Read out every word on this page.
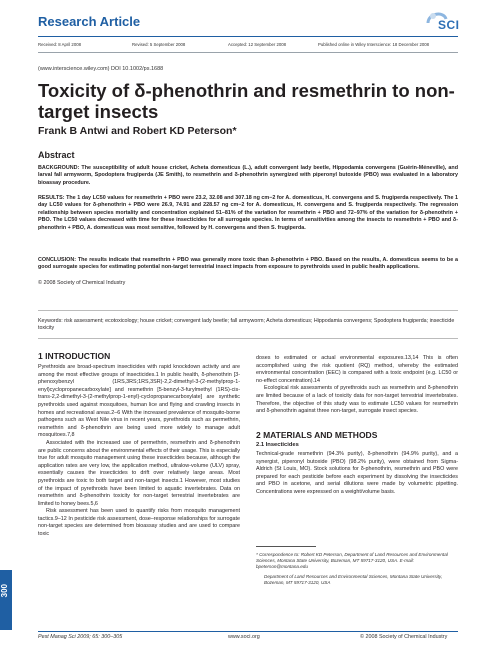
Research Article	SCI
Received: 8 April 2008	Revised: 5 September 2008	Accepted: 12 September 2008	Published online in Wiley Interscience: 18 December 2008
(www.interscience.wiley.com) DOI 10.1002/ps.1688
Toxicity of δ-phenothrin and resmethrin to non-target insects
Frank B Antwi and Robert KD Peterson*
Abstract
BACKGROUND: The susceptibility of adult house cricket, Acheta domesticus (L.), adult convergent lady beetle, Hippodamia convergens (Guérin-Méneville), and larval fall armyworm, Spodoptera frugiperda (JE Smith), to resmethrin and δ-phenothrin synergized with piperonyl butoxide (PBO) was evaluated in a laboratory bioassay procedure.
RESULTS: The 1 day LC50 values for resmethrin + PBO were 23.2, 32.08 and 307.18 ng cm−2 for A. domesticus, H. convergens and S. frugiperda respectively. The 1 day LC50 values for δ-phenothrin + PBO were 26.9, 74.91 and 228.57 ng cm−2 for A. domesticus, H. convergens and S. frugiperda respectively. The regression relationship between species mortality and concentration explained 51–81% of the variation for resmethrin + PBO and 72–97% of the variation for δ-phenothrin + PBO. The LC50 values decreased with time for these insecticides for all surrogate species. In terms of sensitivities among the insects to resmethrin + PBO and δ-phenothrin + PBO, A. domesticus was most sensitive, followed by H. convergens and then S. frugiperda.
CONCLUSION: The results indicate that resmethrin + PBO was generally more toxic than δ-phenothrin + PBO. Based on the results, A. domesticus seems to be a good surrogate species for estimating potential non-target terrestrial insect impacts from exposure to pyrethroids used in public health applications.
© 2008 Society of Chemical Industry
Keywords: risk assessment; ecotoxicology; house cricket; convergent lady beetle; fall armyworm; Acheta domesticus; Hippodamia convergens; Spodoptera frugiperda; insecticide toxicity
1 INTRODUCTION

Pyrethroids are broad-spectrum insecticides with rapid knockdown activity and are among the most effective groups of insecticides.1 In public health, δ-phenothrin [3-phenoxybenzyl (1RS,3RS;1RS,3SR)-2,2-dimethyl-3-(2-methylprop-1-enyl)cyclopropanecarboxylate] and resmethrin [5-benzyl-3-furylmethyl (1RS)-cis-trans-2,2-dimethyl-3-(2-methylprop-1-enyl)-cyclopropanecarboxylate] are synthetic pyrethroids used against mosquitoes, human lice and flying and crawling insects in homes and recreational areas.2–6 With the increased prevalence of mosquito-borne pathogens such as West Nile virus in recent years, pyrethroids such as permethrin, resmethrin and δ-phenothrin are being used more widely to manage adult mosquitoes.7,8

Associated with the increased use of permethrin, resmethrin and δ-phenothrin are public concerns about the environmental effects of their usage. This is especially true for adult mosquito management using these insecticides because, although the application rates are very low, the application method, ultralow-volume (ULV) spray, essentially causes the insecticides to drift over relatively large areas. Most pyrethroids are toxic to both target and non-target insects.1 However, most studies of the impact of pyrethroids have been limited to aquatic invertebrates. Data on resmethrin and δ-phenothrin toxicity for non-target terrestrial invertebrates are limited to honey bees.5,6

Risk assessment has been used to quantify risks from mosquito management tactics.9–12 In pesticide risk assessment, dose–response relationships for surrogate non-target species are determined from bioassay studies and are used to compare toxic

doses to estimated or actual environmental exposures.13,14 This is often accomplished using the risk quotient (RQ) method, whereby the estimated environmental concentration (EEC) is compared with a toxic endpoint (e.g. LC50 or no-effect concentration).14

Ecological risk assessments of pyrethroids such as resmethrin and δ-phenothrin are limited because of a lack of toxicity data for non-target terrestrial invertebrates. Therefore, the objective of this study was to estimate LC50 values for resmethrin and δ-phenothrin against three non-target, surrogate insect species.

2 MATERIALS AND METHODS
2.1 Insecticides

Technical-grade resmethrin (94.3% purity), δ-phenothrin (94.9% purity), and a synergist, piperonyl butoxide (PBO) (98.2% purity), were obtained from Sigma-Aldrich (St Louis, MO). Stock solutions for δ-phenothrin, resmethrin and PBO were prepared for each pesticide before each experiment by dissolving the insecticides and PBO in acetone, and serial dilutions were made by volumetric pipetting. Concentrations were expressed on a weight/volume basis.

* Correspondence to: Robert KD Peterson, Department of Land Resources and Environmental Sciences, Montana State University, Bozeman, MT 59717-3120, USA. E-mail: bpeterson@montana.edu
Department of Land Resources and Environmental Sciences, Montana State University, Bozeman, MT 59717-3120, USA
300
Pest Manag Sci 2009; 65: 300–305	www.soci.org	© 2008 Society of Chemical Industry
